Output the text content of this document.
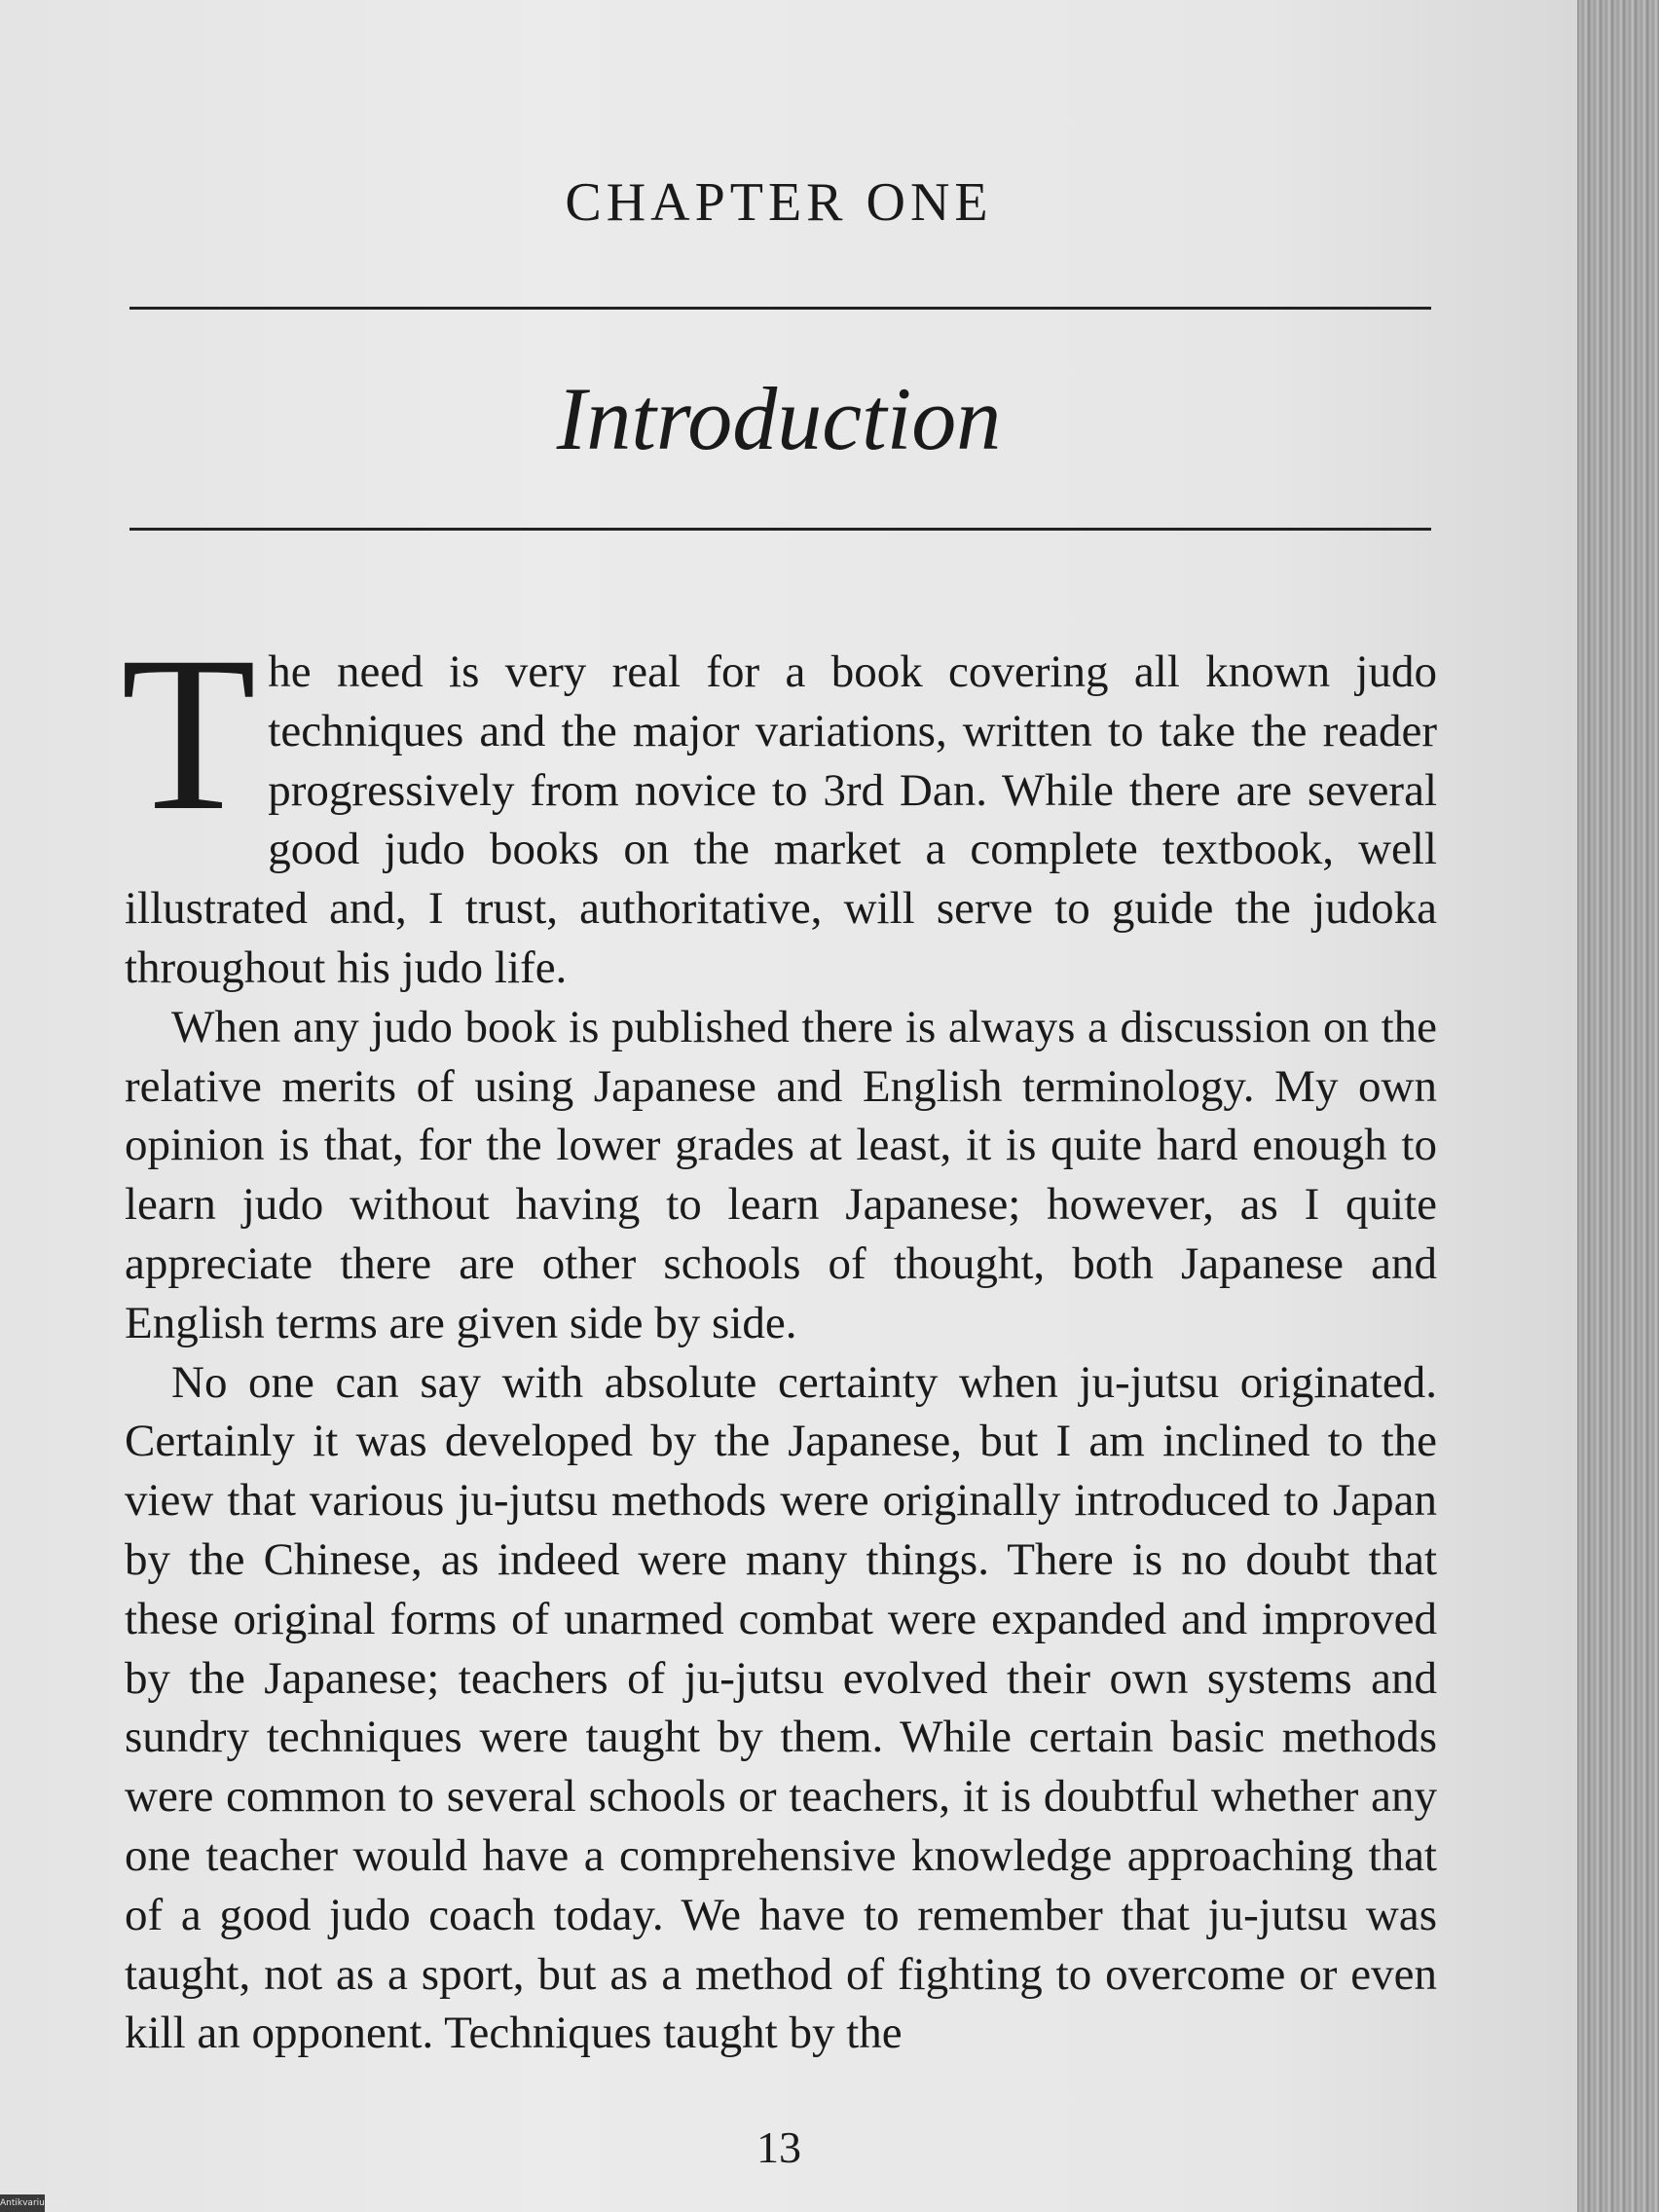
CHAPTER ONE
Introduction

The need is very real for a book covering all known judo techniques and the major variations, written to take the reader progressively from novice to 3rd Dan. While there are several good judo books on the market a complete textbook, well illustrated and, I trust, authoritative, will serve to guide the judoka throughout his judo life.

When any judo book is published there is always a discussion on the relative merits of using Japanese and English terminology. My own opinion is that, for the lower grades at least, it is quite hard enough to learn judo without having to learn Japanese; however, as I quite appreciate there are other schools of thought, both Japanese and English terms are given side by side.

No one can say with absolute certainty when ju-jutsu originated. Certainly it was developed by the Japanese, but I am inclined to the view that various ju-jutsu methods were originally introduced to Japan by the Chinese, as indeed were many things. There is no doubt that these original forms of unarmed combat were expanded and improved by the Japanese; teachers of ju-jutsu evolved their own systems and sundry techniques were taught by them. While certain basic methods were common to several schools or teachers, it is doubtful whether any one teacher would have a comprehensive knowledge approaching that of a good judo coach today. We have to remember that ju-jutsu was taught, not as a sport, but as a method of fighting to overcome or even kill an opponent. Techniques taught by the

13
Antikvarium.hu
